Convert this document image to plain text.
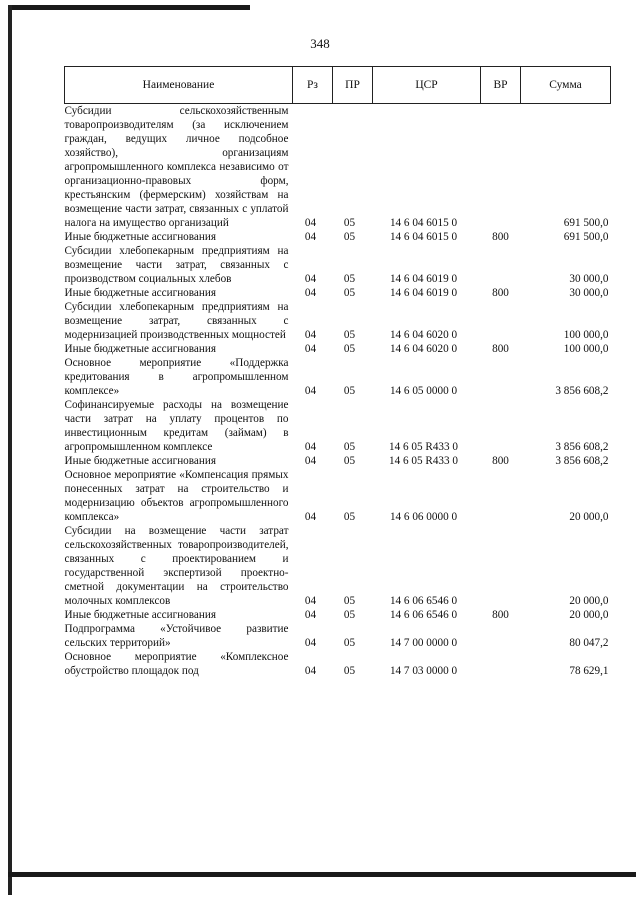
348
Наименование	Рз	ПР	ЦСР	ВР	Сумма
Субсидии сельскохозяйственным товаропроизводителям (за исключением граждан, ведущих личное подсобное хозяйство), организациям агропромышленного комплекса независимо от организационно-правовых форм, крестьянским (фермерским) хозяйствам на возмещение части затрат, связанных с уплатой налога на имущество организаций	04	05	14 6 04 6015 0		691 500,0
Иные бюджетные ассигнования	04	05	14 6 04 6015 0	800	691 500,0
Субсидии хлебопекарным предприятиям на возмещение части затрат, связанных с производством социальных хлебов	04	05	14 6 04 6019 0		30 000,0
Иные бюджетные ассигнования	04	05	14 6 04 6019 0	800	30 000,0
Субсидии хлебопекарным предприятиям на возмещение затрат, связанных с модернизацией производственных мощностей	04	05	14 6 04 6020 0		100 000,0
Иные бюджетные ассигнования	04	05	14 6 04 6020 0	800	100 000,0
Основное мероприятие «Поддержка кредитования в агропромышленном комплексе»	04	05	14 6 05 0000 0		3 856 608,2
Софинансируемые расходы на возмещение части затрат на уплату процентов по инвестиционным кредитам (займам) в агропромышленном комплексе	04	05	14 6 05 R433 0		3 856 608,2
Иные бюджетные ассигнования	04	05	14 6 05 R433 0	800	3 856 608,2
Основное мероприятие «Компенсация прямых понесенных затрат на строительство и модернизацию объектов агропромышленного комплекса»	04	05	14 6 06 0000 0		20 000,0
Субсидии на возмещение части затрат сельскохозяйственных товаропроизводителей, связанных с проектированием и государственной экспертизой проектно-сметной документации на строительство молочных комплексов	04	05	14 6 06 6546 0		20 000,0
Иные бюджетные ассигнования	04	05	14 6 06 6546 0	800	20 000,0
Подпрограмма «Устойчивое развитие сельских территорий»	04	05	14 7 00 0000 0		80 047,2
Основное мероприятие «Комплексное обустройство площадок под	04	05	14 7 03 0000 0		78 629,1
